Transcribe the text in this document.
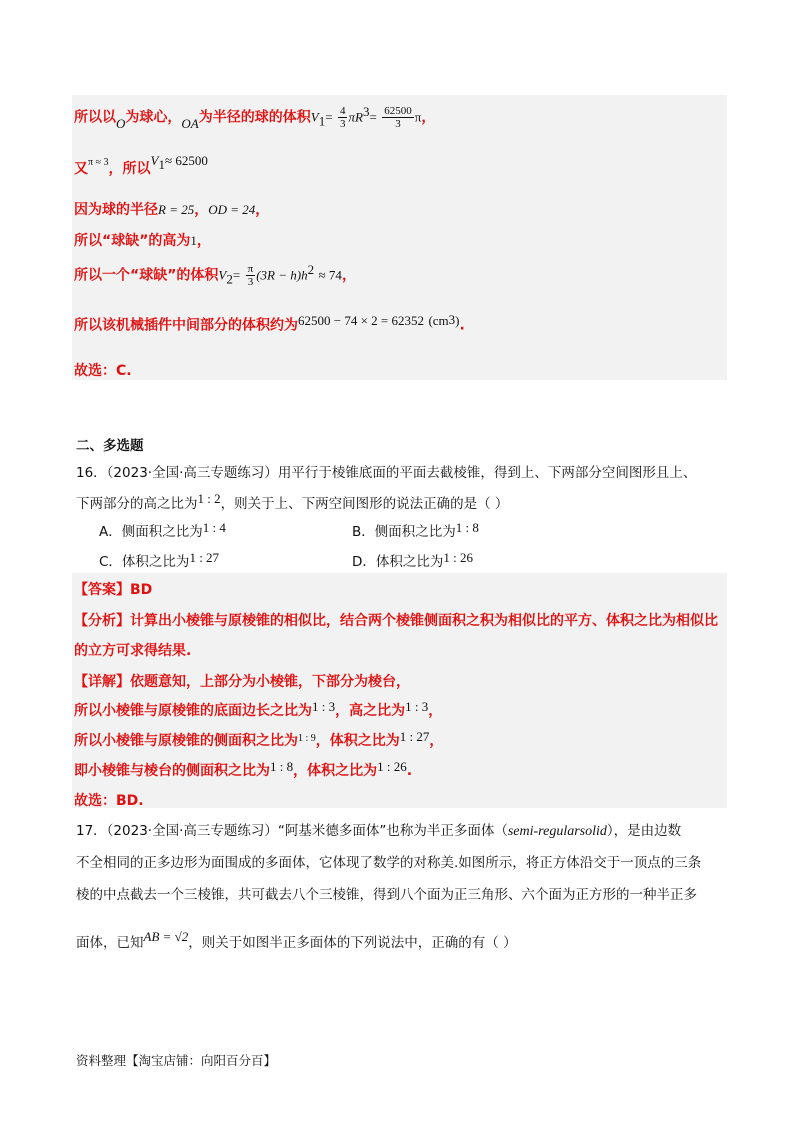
所以以O为球心，OA为半径的球的体积$V_1= \frac{4}{3} \pi R^3= \frac{62500}{3}$ π，
又π ≈ 3，所以$V_1\approx 62500$
因为球的半径R = 25，OD = 24，
所以“球缺”的高为1，
所以一个“球缺”的体积$V_2= \frac{\pi}{3} (3R - h)h^2 \approx 74$，
所以该机械插件中间部分的体积约为62500 − 74 × 2 = 62352 $(cm^3)$.
故选：C.
二、多选题
16．（2023·全国·高三专题练习）用平行于棱锥底面的平面去截棱锥，得到上、下两部分空间图形且上、
下两部分的高之比为1 : 2，则关于上、下两空间图形的说法正确的是（ ）
A．侧面积之比为1 : 4	B．侧面积之比为1 : 8
C．体积之比为1 : 27	D．体积之比为1 : 26
【答案】BD
【分析】计算出小棱锥与原棱锥的相似比，结合两个棱锥侧面积之积为相似比的平方、体积之比为相似比
的立方可求得结果.
【详解】依题意知，上部分为小棱锥，下部分为棱台，
所以小棱锥与原棱锥的底面边长之比为1 : 3，高之比为1 : 3，
所以小棱锥与原棱锥的侧面积之比为$^{1 : 9}$，体积之比为1 : 27，
即小棱锥与棱台的侧面积之比为1 : 8，体积之比为1 : 26.
故选：BD.
17．（2023·全国·高三专题练习）“阿基米德多面体”也称为半正多面体（semi-regularsolid），是由边数
不全相同的正多边形为面围成的多面体，它体现了数学的对称美.如图所示，将正方体沿交于一顶点的三条
棱的中点截去一个三棱锥，共可截去八个三棱锥，得到八个面为正三角形、六个面为正方形的一种半正多
面体，已知AB = √2，则关于如图半正多面体的下列说法中，正确的有（ ）
资料整理【淘宝店铺：向阳百分百】
